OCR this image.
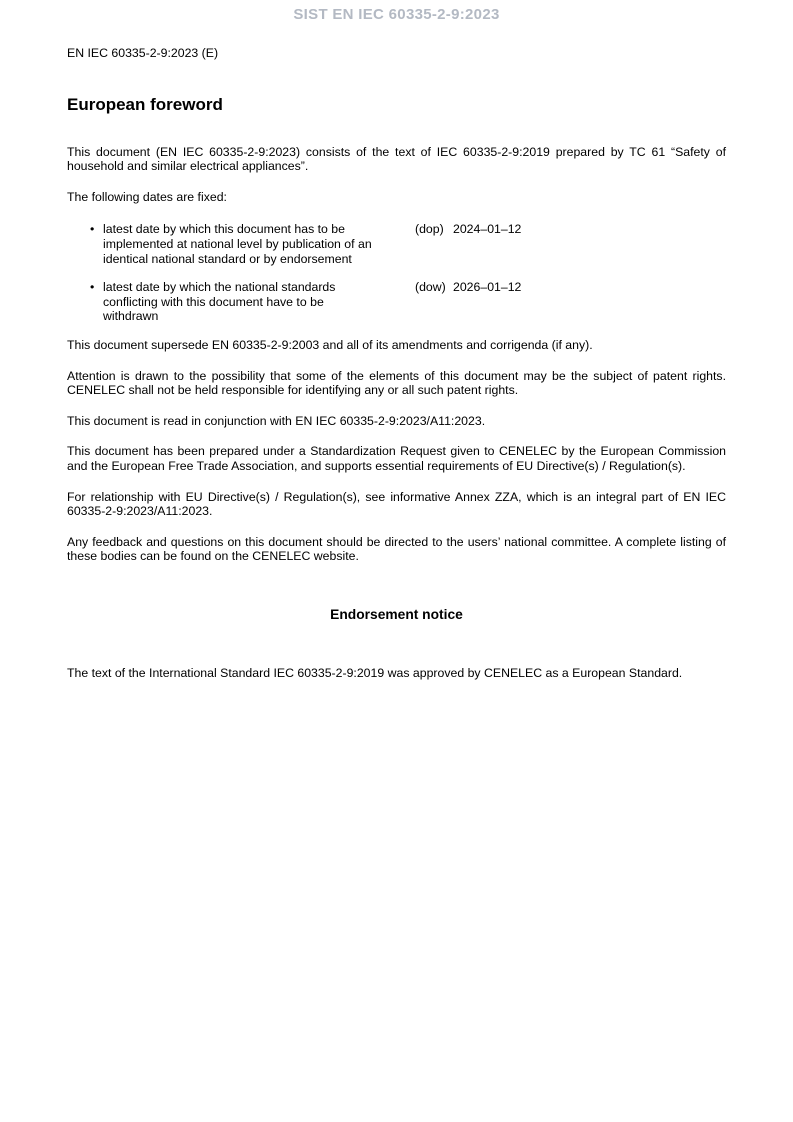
SIST EN IEC 60335-2-9:2023

EN IEC 60335-2-9:2023 (E)

European foreword

This document (EN IEC 60335-2-9:2023) consists of the text of IEC 60335-2-9:2019 prepared by TC 61 “Safety of household and similar electrical appliances”.

The following dates are fixed:

• latest date by which this document has to be implemented at national level by publication of an identical national standard or by endorsement
(dop) 2024–01–12
• latest date by which the national standards conflicting with this document have to be withdrawn
(dow) 2026–01–12

This document supersede EN 60335-2-9:2003 and all of its amendments and corrigenda (if any).

Attention is drawn to the possibility that some of the elements of this document may be the subject of patent rights. CENELEC shall not be held responsible for identifying any or all such patent rights.

This document is read in conjunction with EN IEC 60335-2-9:2023/A11:2023.

This document has been prepared under a Standardization Request given to CENELEC by the European Commission and the European Free Trade Association, and supports essential requirements of EU Directive(s) / Regulation(s).

For relationship with EU Directive(s) / Regulation(s), see informative Annex ZZA, which is an integral part of EN IEC 60335-2-9:2023/A11:2023.

Any feedback and questions on this document should be directed to the users’ national committee. A complete listing of these bodies can be found on the CENELEC website.

Endorsement notice

The text of the International Standard IEC 60335-2-9:2019 was approved by CENELEC as a European Standard.
